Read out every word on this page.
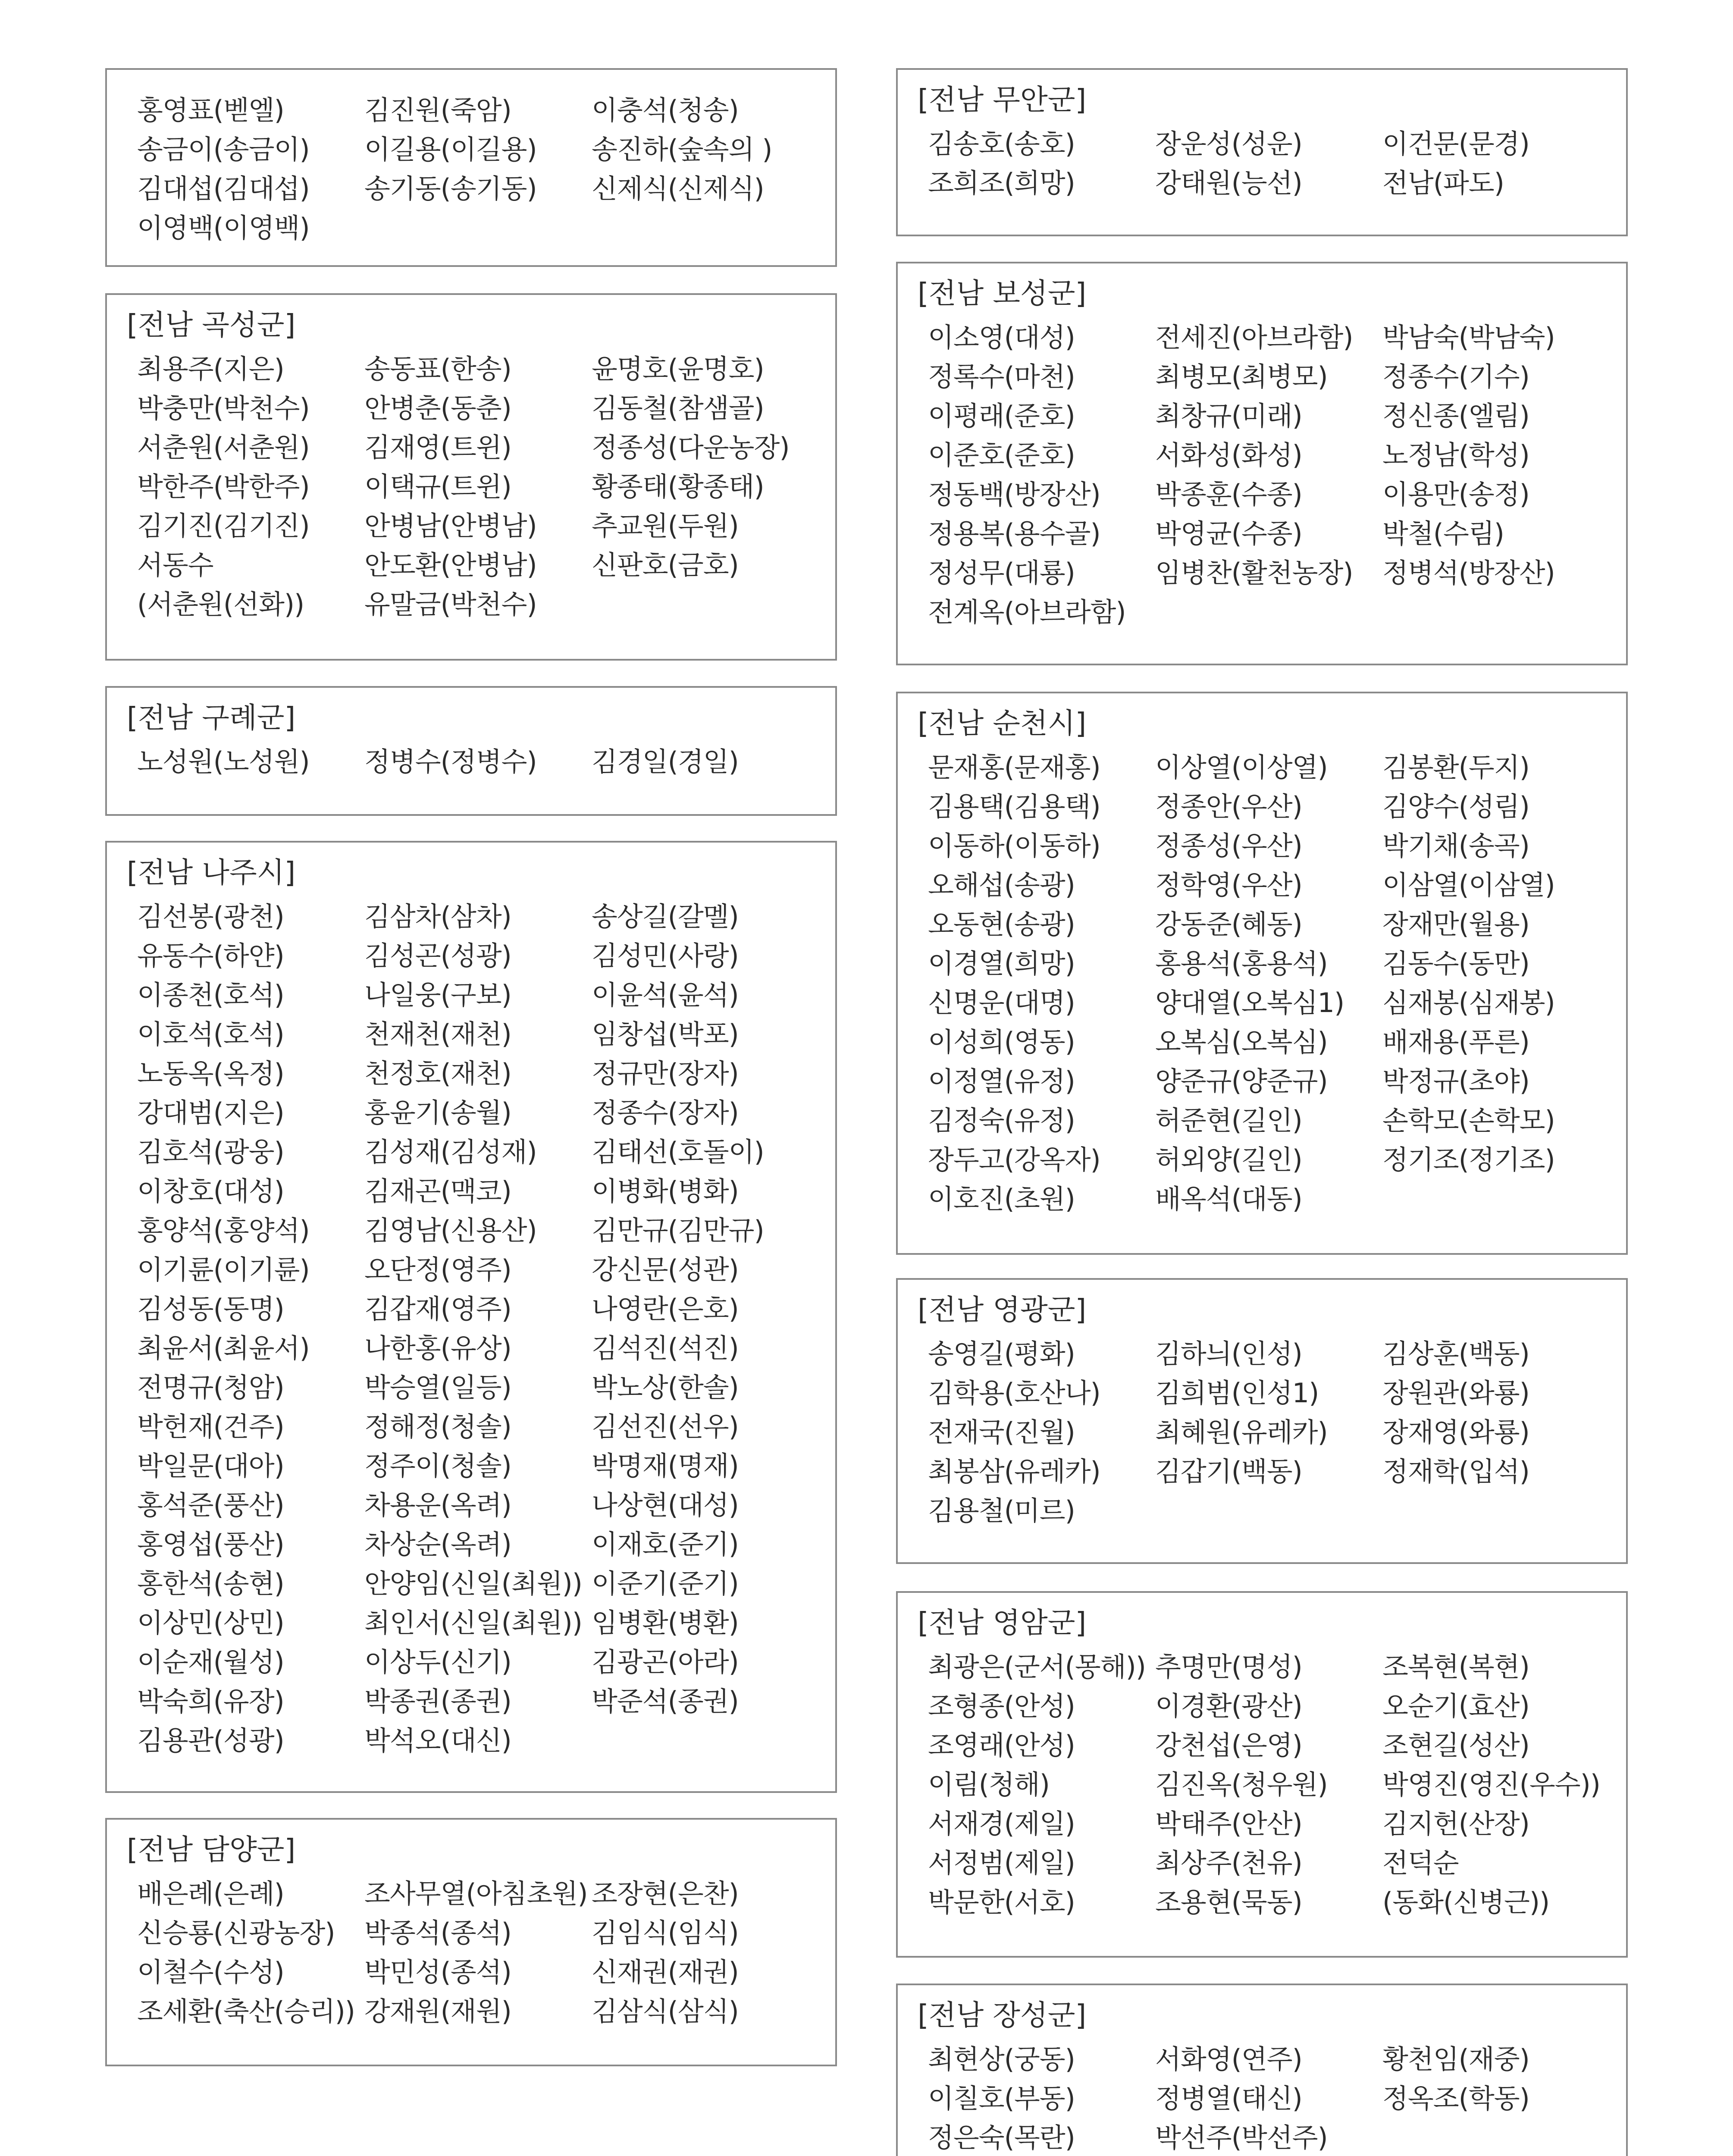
홍영표(벧엘)	김진원(죽암)	이충석(청송)
송금이(송금이)	이길용(이길용)	송진하(숲속의 )
김대섭(김대섭)	송기동(송기동)	신제식(신제식)
이영백(이영백)
[전남 곡성군]
최용주(지은)	송동표(한송)	윤명호(윤명호)
박충만(박천수)	안병춘(동춘)	김동철(참샘골)
서춘원(서춘원)	김재영(트윈)	정종성(다운농장)
박한주(박한주)	이택규(트윈)	황종태(황종태)
김기진(김기진)	안병남(안병남)	추교원(두원)
서동수	안도환(안병남)	신판호(금호)
(서춘원(선화))	유말금(박천수)
[전남 구례군]
노성원(노성원)	정병수(정병수)	김경일(경일)
[전남 나주시]
김선봉(광천)	김삼차(삼차)	송상길(갈멜)
유동수(하얀)	김성곤(성광)	김성민(사랑)
이종천(호석)	나일웅(구보)	이윤석(윤석)
이호석(호석)	천재천(재천)	임창섭(박포)
노동옥(옥정)	천정호(재천)	정규만(장자)
강대범(지은)	홍윤기(송월)	정종수(장자)
김호석(광웅)	김성재(김성재)	김태선(호돌이)
이창호(대성)	김재곤(맥코)	이병화(병화)
홍양석(홍양석)	김영남(신용산)	김만규(김만규)
이기륜(이기륜)	오단정(영주)	강신문(성관)
김성동(동명)	김갑재(영주)	나영란(은호)
최윤서(최윤서)	나한홍(유상)	김석진(석진)
전명규(청암)	박승열(일등)	박노상(한솔)
박헌재(건주)	정해정(청솔)	김선진(선우)
박일문(대아)	정주이(청솔)	박명재(명재)
홍석준(풍산)	차용운(옥려)	나상현(대성)
홍영섭(풍산)	차상순(옥려)	이재호(준기)
홍한석(송현)	안양임(신일(최원)) 이준기(준기)
이상민(상민)	최인서(신일(최원)) 임병환(병환)
이순재(월성)	이상두(신기)	김광곤(아라)
박숙희(유장)	박종권(종권)	박준석(종권)
김용관(성광)	박석오(대신)
[전남 담양군]
배은례(은례)	조사무열(아침초원) 조장현(은찬)
신승룡(신광농장)	박종석(종석)	김임식(임식)
이철수(수성)	박민성(종석)	신재권(재권)
조세환(축산(승리)) 강재원(재원)	김삼식(삼식)
[전남 무안군]
김송호(송호)	장운성(성운)	이건문(문경)
조희조(희망)	강태원(능선)	전남(파도)
[전남 보성군]
이소영(대성)	전세진(아브라함)	박남숙(박남숙)
정록수(마천)	최병모(최병모)	정종수(기수)
이평래(준호)	최창규(미래)	정신종(엘림)
이준호(준호)	서화성(화성)	노정남(학성)
정동백(방장산)	박종훈(수종)	이용만(송정)
정용복(용수골)	박영균(수종)	박철(수림)
정성무(대룡)	임병찬(활천농장)	정병석(방장산)
전계옥(아브라함)
[전남 순천시]
문재홍(문재홍)	이상열(이상열)	김봉환(두지)
김용택(김용택)	정종안(우산)	김양수(성림)
이동하(이동하)	정종성(우산)	박기채(송곡)
오해섭(송광)	정학영(우산)	이삼열(이삼열)
오동현(송광)	강동준(혜동)	장재만(월용)
이경열(희망)	홍용석(홍용석)	김동수(동만)
신명운(대명)	양대열(오복심1)	심재봉(심재봉)
이성희(영동)	오복심(오복심)	배재용(푸른)
이정열(유정)	양준규(양준규)	박정규(초야)
김정숙(유정)	허준현(길인)	손학모(손학모)
장두고(강옥자)	허외양(길인)	정기조(정기조)
이호진(초원)	배옥석(대동)
[전남 영광군]
송영길(평화)	김하늬(인성)	김상훈(백동)
김학용(호산나)	김희범(인성1)	장원관(와룡)
전재국(진월)	최혜원(유레카)	장재영(와룡)
최봉삼(유레카)	김갑기(백동)	정재학(입석)
김용철(미르)
[전남 영암군]
최광은(군서(몽해)) 추명만(명성)	조복현(복현)
조형종(안성)	이경환(광산)	오순기(효산)
조영래(안성)	강천섭(은영)	조현길(성산)
이림(청해)	김진옥(청우원)	박영진(영진(우수))
서재경(제일)	박태주(안산)	김지헌(산장)
서정범(제일)	최상주(천유)	전덕순
박문한(서호)	조용현(묵동)	(동화(신병근))
[전남 장성군]
최현상(궁동)	서화영(연주)	황천임(재중)
이칠호(부동)	정병열(태신)	정옥조(학동)
정은숙(목란)	박선주(박선주)
